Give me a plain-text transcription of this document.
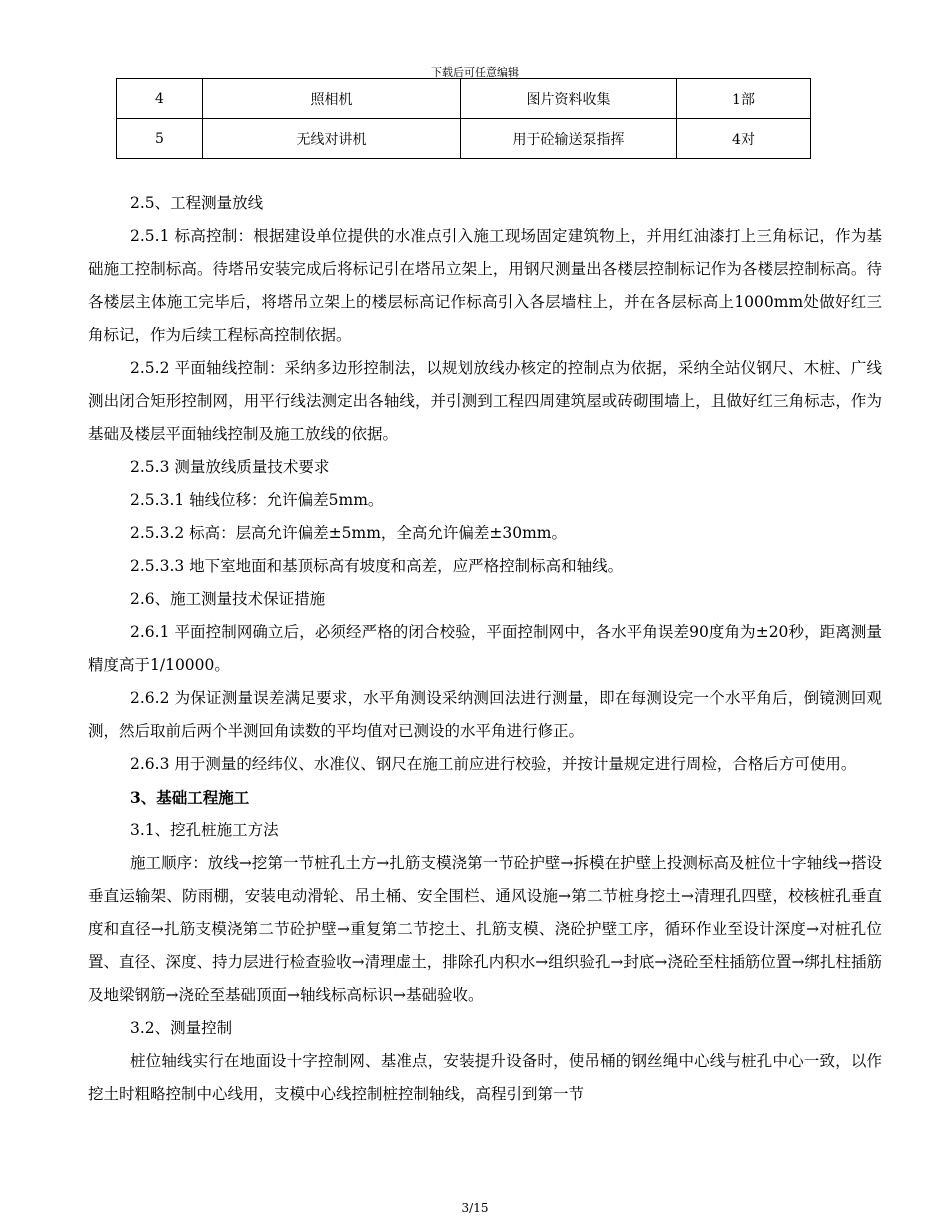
下载后可任意编辑
4	照相机	图片资料收集	1部
5	无线对讲机	用于砼输送泵指挥	4对

2.5、工程测量放线

2.5.1 标高控制：根据建设单位提供的水准点引入施工现场固定建筑物上，并用红油漆打上三角标记，作为基础施工控制标高。待塔吊安装完成后将标记引在塔吊立架上，用钢尺测量出各楼层控制标记作为各楼层控制标高。待各楼层主体施工完毕后，将塔吊立架上的楼层标高记作标高引入各层墙柱上，并在各层标高上1000mm处做好红三角标记，作为后续工程标高控制依据。

2.5.2 平面轴线控制：采纳多边形控制法，以规划放线办核定的控制点为依据，采纳全站仪钢尺、木桩、广线测出闭合矩形控制网，用平行线法测定出各轴线，并引测到工程四周建筑屋或砖砌围墙上，且做好红三角标志，作为基础及楼层平面轴线控制及施工放线的依据。

2.5.3 测量放线质量技术要求

2.5.3.1 轴线位移：允许偏差5mm。

2.5.3.2 标高：层高允许偏差±5mm，全高允许偏差±30mm。

2.5.3.3 地下室地面和基顶标高有坡度和高差，应严格控制标高和轴线。

2.6、施工测量技术保证措施

2.6.1 平面控制网确立后，必须经严格的闭合校验，平面控制网中，各水平角误差90度角为±20秒，距离测量精度高于1/10000。

2.6.2 为保证测量误差满足要求，水平角测设采纳测回法进行测量，即在每测设完一个水平角后，倒镜测回观测，然后取前后两个半测回角读数的平均值对已测设的水平角进行修正。

2.6.3 用于测量的经纬仪、水准仪、钢尺在施工前应进行校验，并按计量规定进行周检，合格后方可使用。

3、基础工程施工

3.1、挖孔桩施工方法

施工顺序：放线→挖第一节桩孔土方→扎筋支模浇第一节砼护壁→拆模在护壁上投测标高及桩位十字轴线→搭设垂直运输架、防雨棚，安装电动滑轮、吊土桶、安全围栏、通风设施→第二节桩身挖土→清理孔四壁，校核桩孔垂直度和直径→扎筋支模浇第二节砼护壁→重复第二节挖土、扎筋支模、浇砼护壁工序，循环作业至设计深度→对桩孔位置、直径、深度、持力层进行检查验收→清理虚土，排除孔内积水→组织验孔→封底→浇砼至柱插筋位置→绑扎柱插筋及地梁钢筋→浇砼至基础顶面→轴线标高标识→基础验收。

3.2、测量控制

桩位轴线实行在地面设十字控制网、基准点，安装提升设备时，使吊桶的钢丝绳中心线与桩孔中心一致，以作挖土时粗略控制中心线用，支模中心线控制桩控制轴线，高程引到第一节

3/15
